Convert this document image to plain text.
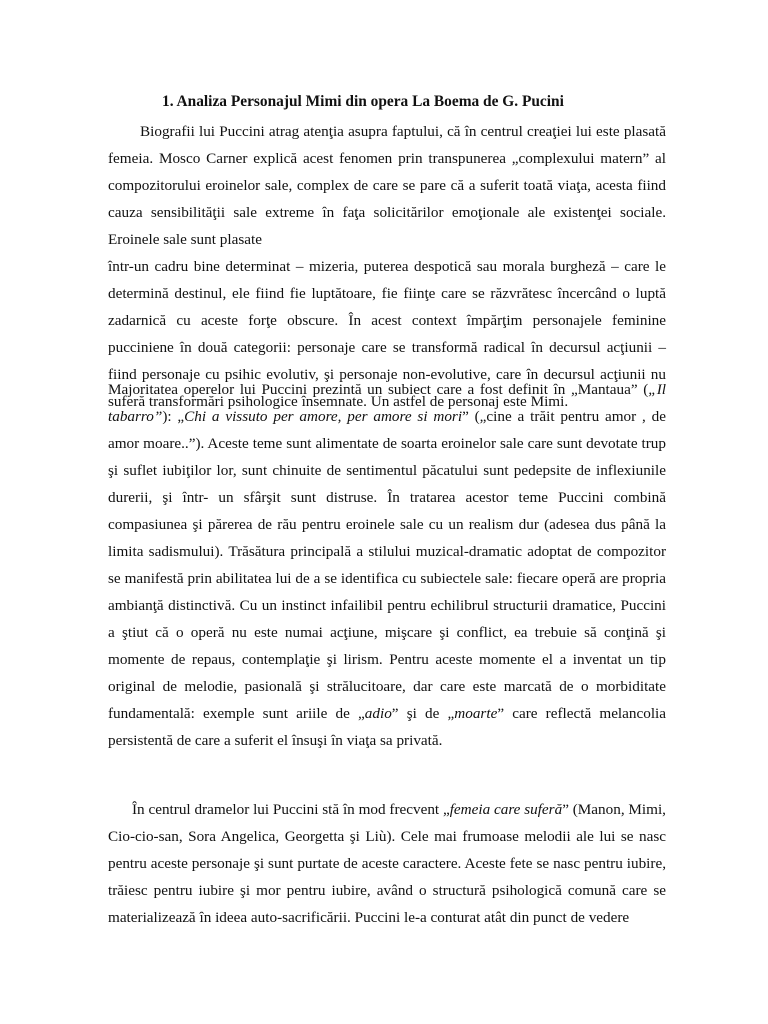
1. Analiza Personajul Mimi din opera La Boema de G. Pucini

Biografii lui Puccini atrag atenţia asupra faptului, că în centrul creaţiei lui este plasată femeia. Mosco Carner explică acest fenomen prin transpunerea „complexului matern” al compozitorului eroinelor sale, complex de care se pare că a suferit toată viaţa, acesta fiind cauza sensibilităţii sale extreme în faţa solicitărilor emoţionale ale existenţei sociale. Eroinele sale sunt plasate
într-un cadru bine determinat – mizeria, puterea despotică sau morala burgheză – care le determină destinul, ele fiind fie luptătoare, fie fiinţe care se răzvrătesc încercând o luptă zadarnică cu aceste forţe obscure. În acest context împărţim personajele feminine pucciniene în două categorii: personaje care se transformă radical în decursul acţiunii – fiind personaje cu psihic evolutiv, şi personaje non-evolutive, care în decursul acţiunii nu suferă transformări psihologice însemnate. Un astfel de personaj este Mimi.

Majoritatea operelor lui Puccini prezintă un subiect care a fost definit în „Mantaua” („Il tabarro”): „Chi a vissuto per amore, per amore si mori” („cine a trăit pentru amor , de amor moare..”). Aceste teme sunt alimentate de soarta eroinelor sale care sunt devotate trup şi suflet iubiţilor lor, sunt chinuite de sentimentul păcatului sunt pedepsite de inflexiunile durerii, şi într- un sfârşit sunt distruse. În tratarea acestor teme Puccini combină compasiunea şi părerea de rău pentru eroinele sale cu un realism dur (adesea dus până la limita sadismului). Trăsătura principală a stilului muzical-dramatic adoptat de compozitor se manifestă prin abilitatea lui de a se identifica cu subiectele sale: fiecare operă are propria ambianţă distinctivă. Cu un instinct infailibil pentru echilibrul structurii dramatice, Puccini a ştiut că o operă nu este numai acţiune, mişcare şi conflict, ea trebuie să conţină şi momente de repaus, contemplaţie şi lirism. Pentru aceste momente el a inventat un tip original de melodie, pasională şi strălucitoare, dar care este marcată de o morbiditate fundamentală: exemple sunt ariile de „adio” şi de „moarte” care reflectă melancolia persistentă de care a suferit el însuşi în viaţa sa privată.

În centrul dramelor lui Puccini stă în mod frecvent „femeia care suferă” (Manon, Mimi, Cio-cio-san, Sora Angelica, Georgetta şi Liù). Cele mai frumoase melodii ale lui se nasc pentru aceste personaje şi sunt purtate de aceste caractere. Aceste fete se nasc pentru iubire, trăiesc pentru iubire şi mor pentru iubire, având o structură psihologică comună care se materializează în ideea auto-sacrificării. Puccini le-a conturat atât din punct de vedere
